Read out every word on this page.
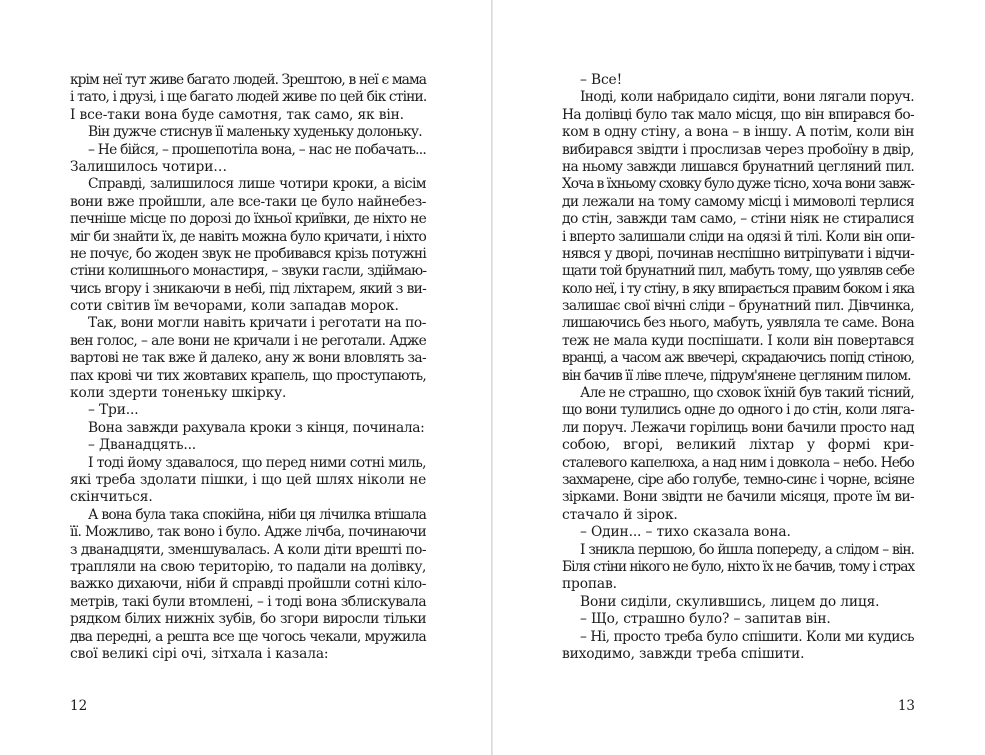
крім неї тут живе багато людей. Зрештою, в неї є мама
і тато, і друзі, і ще багато людей живе по цей бік стіни.
І все-таки вона буде самотня, так само, як він.
Він дужче стиснув її маленьку худеньку долоньку.
– Не бійся, – прошепотіла вона, – нас не побачать...
Залишилось чотири…
Справді, залишилося лише чотири кроки, а вісім
вони вже пройшли, але все-таки це було найнебез-
печніше місце по дорозі до їхньої криївки, де ніхто не
міг би знайти їх, де навіть можна було кричати, і ніхто
не почує, бо жоден звук не пробивався крізь потужні
стіни колишнього монастиря, – звуки гасли, здіймаю-
чись вгору і зникаючи в небі, під ліхтарем, який з ви-
соти світив їм вечорами, коли западав морок.
Так, вони могли навіть кричати і реготати на по-
вен голос, – але вони не кричали і не реготали. Адже
вартові не так вже й далеко, ану ж вони вловлять за-
пах крові чи тих жовтавих крапель, що проступають,
коли здерти тоненьку шкірку.
– Три...
Вона завжди рахувала кроки з кінця, починала:
– Дванадцять...
І тоді йому здавалося, що перед ними сотні миль,
які треба здолати пішки, і що цей шлях ніколи не
скінчиться.
А вона була така спокійна, ніби ця лічилка втішала
її. Можливо, так воно і було. Адже лічба, починаючи
з дванадцяти, зменшувалась. А коли діти врешті по-
трапляли на свою територію, то падали на долівку,
важко дихаючи, ніби й справді пройшли сотні кіло-
метрів, такі були втомлені, – і тоді вона зблискувала
рядком білих нижніх зубів, бо згори виросли тільки
два передні, а решта все ще чогось чекали, мружила
свої великі сірі очі, зітхала і казала:
12
– Все!
Іноді, коли набридало сидіти, вони лягали поруч.
На долівці було так мало місця, що він впирався бо-
ком в одну стіну, а вона – в іншу. А потім, коли він
вибирався звідти і прослизав через пробоїну в двір,
на ньому завжди лишався брунатний цегляний пил.
Хоча в їхньому сховку було дуже тісно, хоча вони завж-
ди лежали на тому самому місці і мимоволі терлися
до стін, завжди там само, – стіни ніяк не стиралися
і вперто залишали сліди на одязі й тілі. Коли він опи-
нявся у дворі, починав неспішно витріпувати і відчи-
щати той брунатний пил, мабуть тому, що уявляв себе
коло неї, і ту стіну, в яку впирається правим боком і яка
залишає свої вічні сліди – брунатний пил. Дівчинка,
лишаючись без нього, мабуть, уявляла те саме. Вона
теж не мала куди поспішати. І коли він повертався
вранці, а часом аж ввечері, скрадаючись попід стіною,
він бачив її ліве плече, підрум'янене цегляним пилом.
Але не страшно, що сховок їхній був такий тісний,
що вони тулились одне до одного і до стін, коли ляга-
ли поруч. Лежачи горілиць вони бачили просто над
собою, вгорі, великий ліхтар у формі кри-
сталевого капелюха, а над ним і довкола – небо. Небо
захмарене, сіре або голубе, темно-синє і чорне, всіяне
зірками. Вони звідти не бачили місяця, проте їм ви-
стачало й зірок.
– Один... – тихо сказала вона.
І зникла першою, бо йшла попереду, а слідом – він.
Біля стіни нікого не було, ніхто їх не бачив, тому і страх
пропав.
Вони сиділи, скулившись, лицем до лиця.
– Що, страшно було? – запитав він.
– Ні, просто треба було спішити. Коли ми кудись
виходимо, завжди треба спішити.
13
